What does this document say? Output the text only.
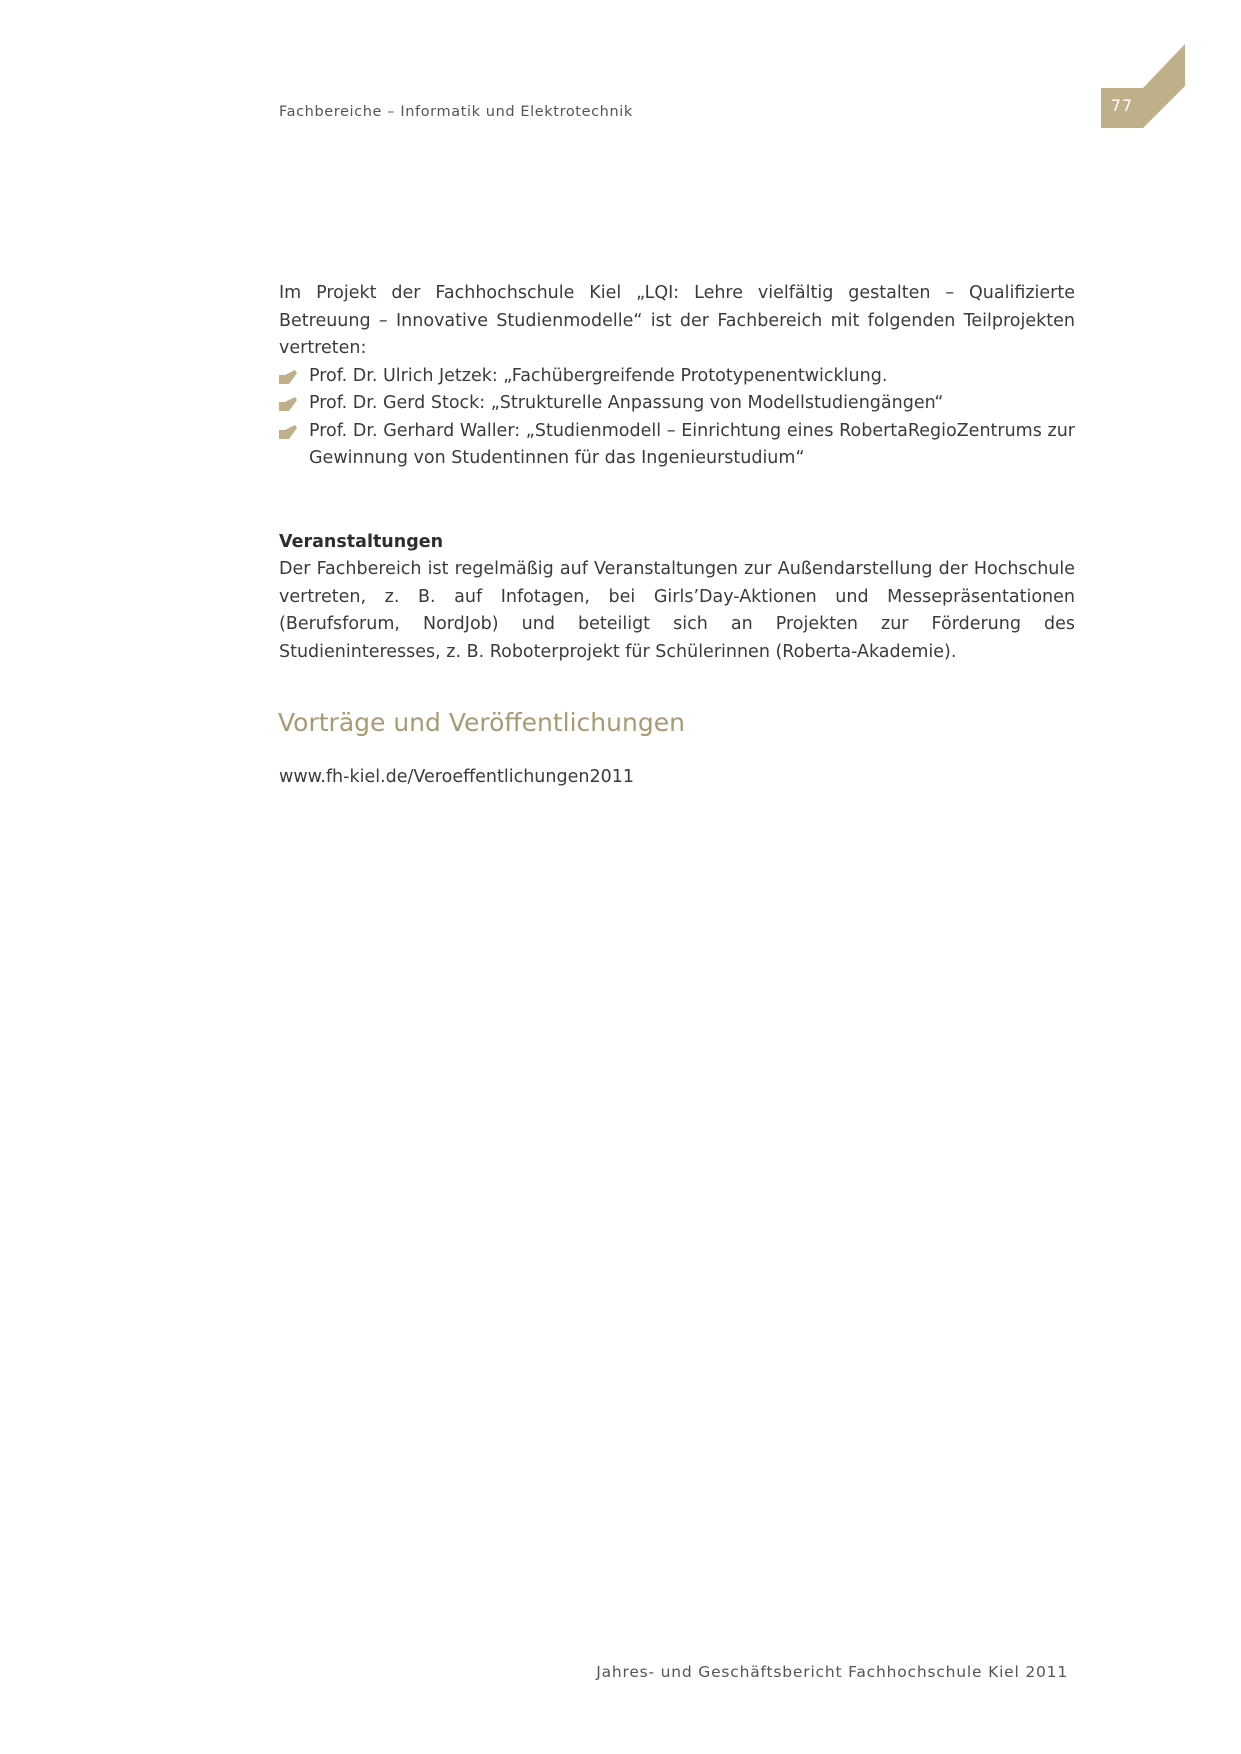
Fachbereiche – Informatik und Elektrotechnik	77

Im Projekt der Fachhochschule Kiel „LQI: Lehre vielfältig gestalten – Qualifizierte Betreuung – Innovative Studienmodelle“ ist der Fachbereich mit folgenden Teilprojekten vertreten:

Prof. Dr. Ulrich Jetzek: „Fachübergreifende Prototypenentwicklung.
Prof. Dr. Gerd Stock: „Strukturelle Anpassung von Modellstudiengängen“
Prof. Dr. Gerhard Waller: „Studienmodell – Einrichtung eines RobertaRegioZentrums zur Gewinnung von Studentinnen für das Ingenieurstudium“
Veranstaltungen

Der Fachbereich ist regelmäßig auf Veranstaltungen zur Außendarstellung der Hochschule vertreten, z. B. auf Infotagen, bei Girls’Day-Aktionen und Messepräsentationen (Berufsforum, NordJob) und beteiligt sich an Projekten zur Förderung des Studieninteresses, z. B. Roboterprojekt für Schülerinnen (Roberta-Akademie).

Vorträge und Veröffentlichungen
www.fh-kiel.de/Veroeffentlichungen2011
Jahres- und Geschäftsbericht Fachhochschule Kiel 2011
